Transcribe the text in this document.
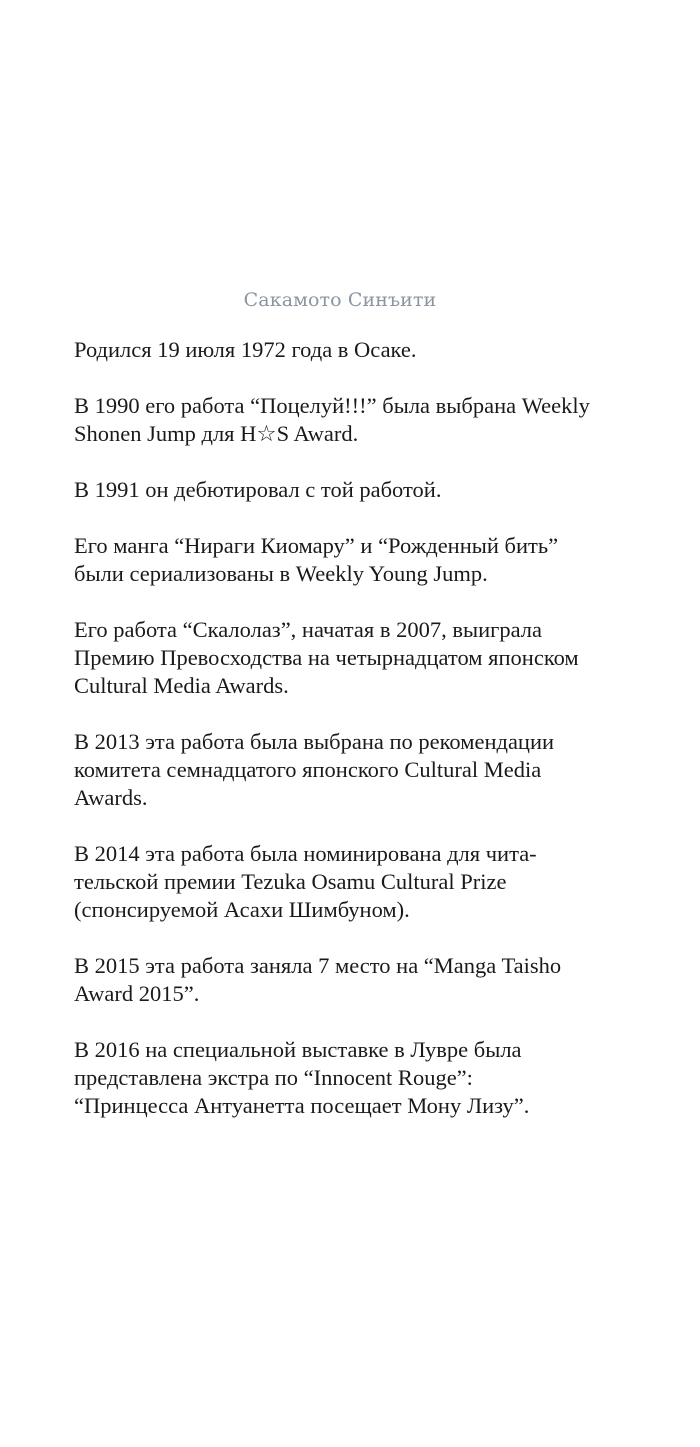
Сакамото Синъити

Родился 19 июля 1972 года в Осаке.

В 1990 его работа “Поцелуй!!!” была выбрана Weekly
Shonen Jump для H☆S Award.

В 1991 он дебютировал с той работой.

Его манга “Нираги Киомару” и “Рожденный бить”
были сериализованы в Weekly Young Jump.

Его работа “Скалолаз”, начатая в 2007, выиграла
Премию Превосходства на четырнадцатом японском
Cultural Media Awards.

В 2013 эта работа была выбрана по рекомендации
комитета семнадцатого японского Cultural Media
Awards.

В 2014 эта работа была номинирована для чита-
тельской премии Tezuka Osamu Cultural Prize
(спонсируемой Асахи Шимбуном).

В 2015 эта работа заняла 7 место на “Manga Taisho
Award 2015”.

В 2016 на специальной выставке в Лувре была
представлена экстра по “Innocent Rouge”:
“Принцесса Антуанетта посещает Мону Лизу”.
